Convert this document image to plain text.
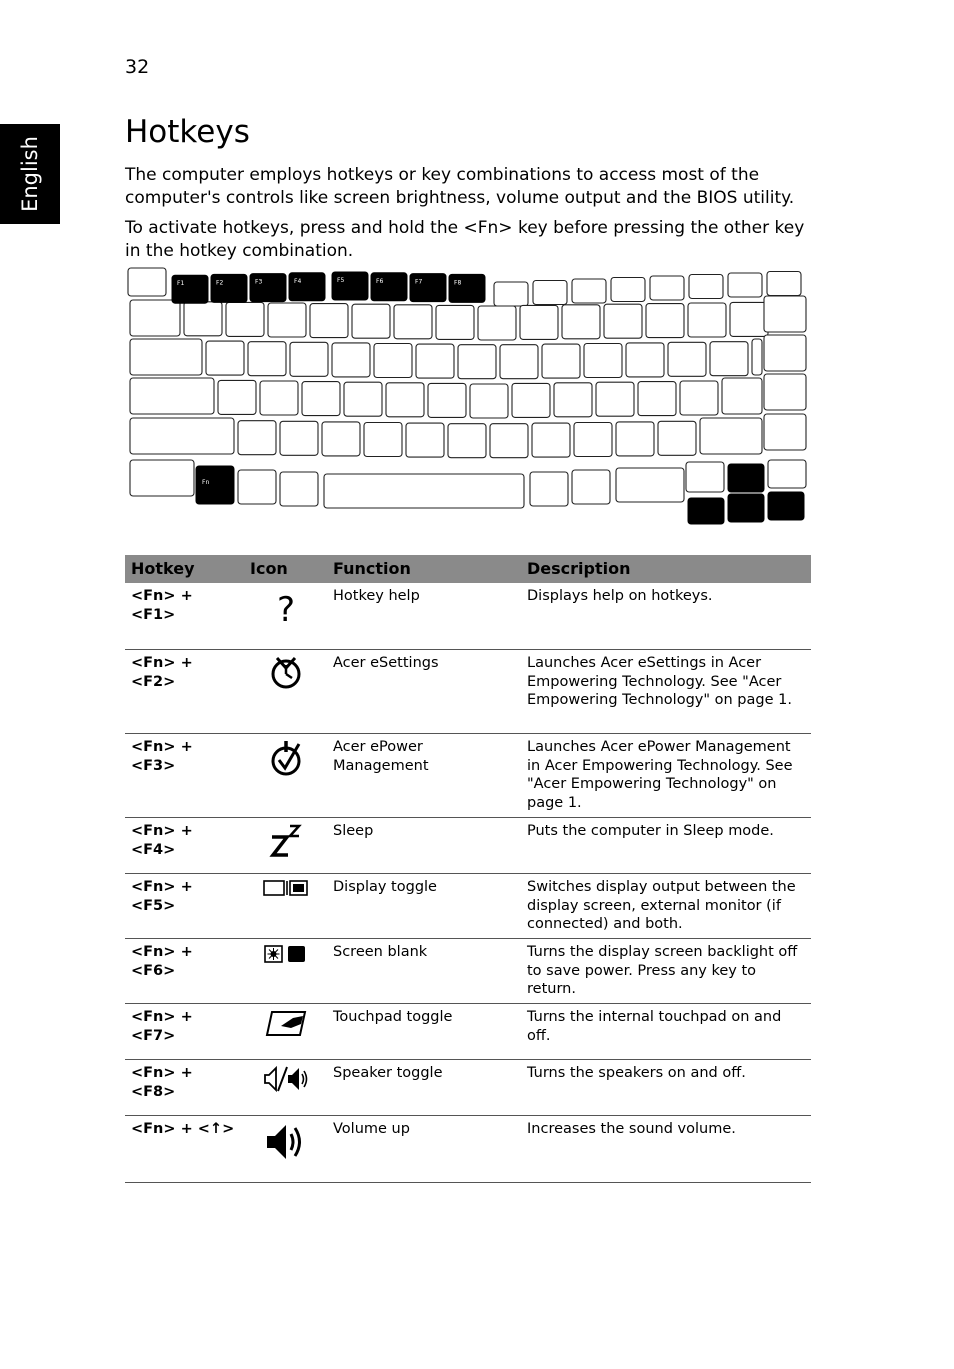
32
English
Hotkeys

The computer employs hotkeys or key combinations to access most of the computer's controls like screen brightness, volume output and the BIOS utility.

To activate hotkeys, press and hold the <Fn> key before pressing the other key in the hotkey combination.

F1	F2	F3	F4	F5	F6	F7	F8
Fn
Hotkey	Icon	Function	Description
<Fn> + <F1>	?	Hotkey help	Displays help on hotkeys.
<Fn> + <F2>		Acer eSettings	Launches Acer eSettings in Acer Empowering Technology. See "Acer Empowering Technology" on page 1.
<Fn> + <F3>		Acer ePower Management	Launches Acer ePower Management in Acer Empowering Technology. See "Acer Empowering Technology" on page 1.
<Fn> + <F4>		Sleep	Puts the computer in Sleep mode.
<Fn> + <F5>		Display toggle	Switches display output between the display screen, external monitor (if connected) and both.
<Fn> + <F6>		Screen blank	Turns the display screen backlight off to save power. Press any key to return.
<Fn> + <F7>		Touchpad toggle	Turns the internal touchpad on and off.
<Fn> + <F8>		Speaker toggle	Turns the speakers on and off.
<Fn> + <↑>		Volume up	Increases the sound volume.
